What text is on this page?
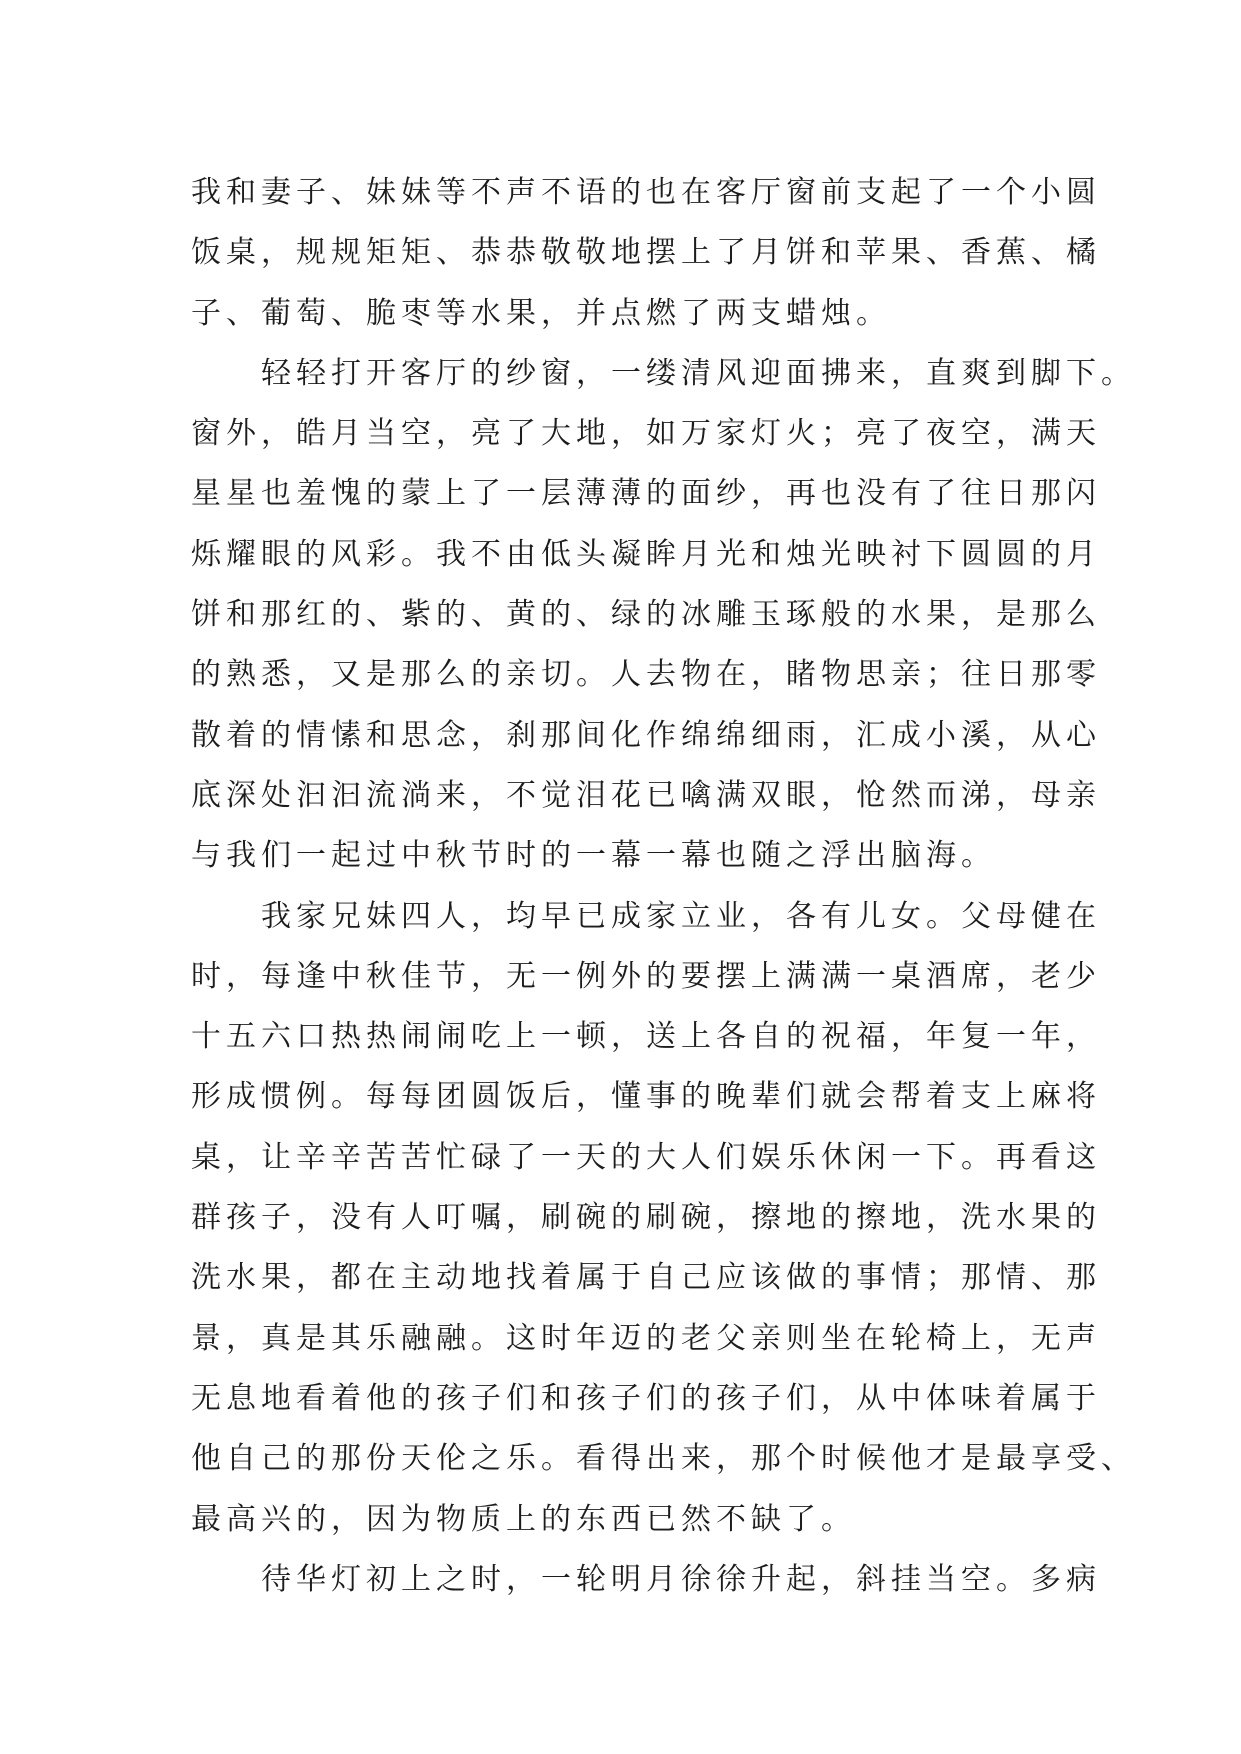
我和妻子、妹妹等不声不语的也在客厅窗前支起了一个小圆
饭桌，规规矩矩、恭恭敬敬地摆上了月饼和苹果、香蕉、橘
子、葡萄、脆枣等水果，并点燃了两支蜡烛。
轻轻打开客厅的纱窗，一缕清风迎面拂来，直爽到脚下。
窗外，皓月当空，亮了大地，如万家灯火；亮了夜空，满天
星星也羞愧的蒙上了一层薄薄的面纱，再也没有了往日那闪
烁耀眼的风彩。我不由低头凝眸月光和烛光映衬下圆圆的月
饼和那红的、紫的、黄的、绿的冰雕玉琢般的水果，是那么
的熟悉，又是那么的亲切。人去物在，睹物思亲；往日那零
散着的情愫和思念，刹那间化作绵绵细雨，汇成小溪，从心
底深处汩汩流淌来，不觉泪花已噙满双眼，怆然而涕，母亲
与我们一起过中秋节时的一幕一幕也随之浮出脑海。
我家兄妹四人，均早已成家立业，各有儿女。父母健在
时，每逢中秋佳节，无一例外的要摆上满满一桌酒席，老少
十五六口热热闹闹吃上一顿，送上各自的祝福，年复一年，
形成惯例。每每团圆饭后，懂事的晚辈们就会帮着支上麻将
桌，让辛辛苦苦忙碌了一天的大人们娱乐休闲一下。再看这
群孩子，没有人叮嘱，刷碗的刷碗，擦地的擦地，洗水果的
洗水果，都在主动地找着属于自己应该做的事情；那情、那
景，真是其乐融融。这时年迈的老父亲则坐在轮椅上，无声
无息地看着他的孩子们和孩子们的孩子们，从中体味着属于
他自己的那份天伦之乐。看得出来，那个时候他才是最享受、
最高兴的，因为物质上的东西已然不缺了。
待华灯初上之时，一轮明月徐徐升起，斜挂当空。多病
